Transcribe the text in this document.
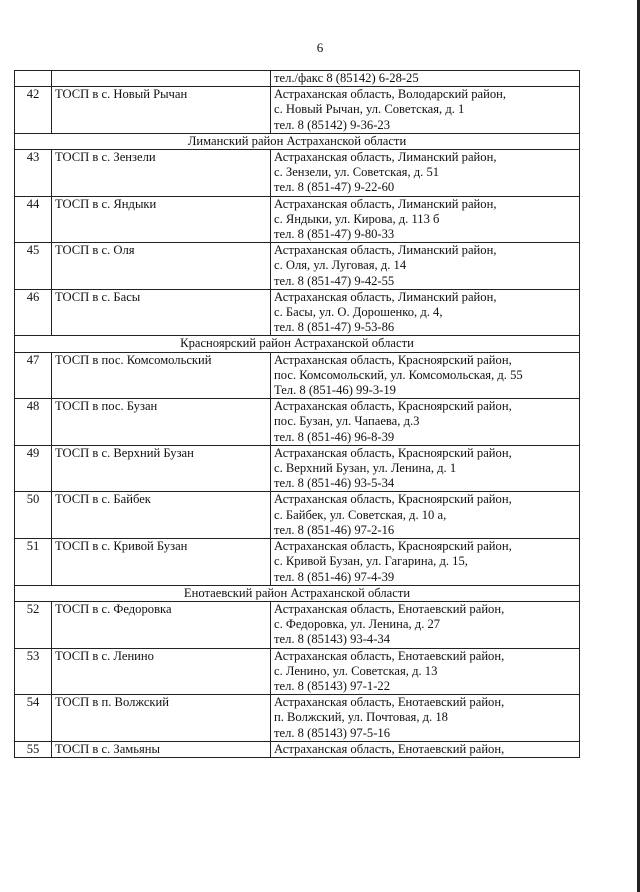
6

		тел./факс 8 (85142) 6-28-25

42	ТОСП в с. Новый Рычан	Астраханская область, Володарский район,
с. Новый Рычан, ул. Советская, д. 1
тел. 8 (85142) 9-36-23

Лиманский район Астраханской области		
43	ТОСП в с. Зензели	Астраханская область, Лиманский район,
с. Зензели, ул. Советская, д. 51
тел. 8 (851-47) 9-22-60

44	ТОСП в с. Яндыки	Астраханская область, Лиманский район,
с. Яндыки, ул. Кирова, д. 113 б
тел. 8 (851-47) 9-80-33

45	ТОСП в с. Оля	Астраханская область, Лиманский район,
с. Оля, ул. Луговая, д. 14
тел. 8 (851-47) 9-42-55

46	ТОСП в с. Басы	Астраханская область, Лиманский район,
с. Басы, ул. О. Дорошенко, д. 4,
тел. 8 (851-47) 9-53-86

Красноярский район Астраханской области		
47	ТОСП в пос. Комсомольский	Астраханская область, Красноярский район,
пос. Комсомольский, ул. Комсомольская, д. 55
Тел. 8 (851-46) 99-3-19

48	ТОСП в пос. Бузан	Астраханская область, Красноярский район,
пос. Бузан, ул. Чапаева, д.3
тел. 8 (851-46) 96-8-39

49	ТОСП в с. Верхний Бузан	Астраханская область, Красноярский район,
с. Верхний Бузан, ул. Ленина, д. 1
тел. 8 (851-46) 93-5-34

50	ТОСП в с. Байбек	Астраханская область, Красноярский район,
с. Байбек, ул. Советская, д. 10 а,
тел. 8 (851-46) 97-2-16

51	ТОСП в с. Кривой Бузан	Астраханская область, Красноярский район,
с. Кривой Бузан, ул. Гагарина, д. 15,
тел. 8 (851-46) 97-4-39

Енотаевский район Астраханской области		
52	ТОСП в с. Федоровка	Астраханская область, Енотаевский район,
с. Федоровка, ул. Ленина, д. 27
тел. 8 (85143) 93-4-34

53	ТОСП в с. Ленино	Астраханская область, Енотаевский район,
с. Ленино, ул. Советская, д. 13
тел. 8 (85143) 97-1-22

54	ТОСП в п. Волжский	Астраханская область, Енотаевский район,
п. Волжский, ул. Почтовая, д. 18
тел. 8 (85143) 97-5-16

55	ТОСП в с. Замьяны	Астраханская область, Енотаевский район,
